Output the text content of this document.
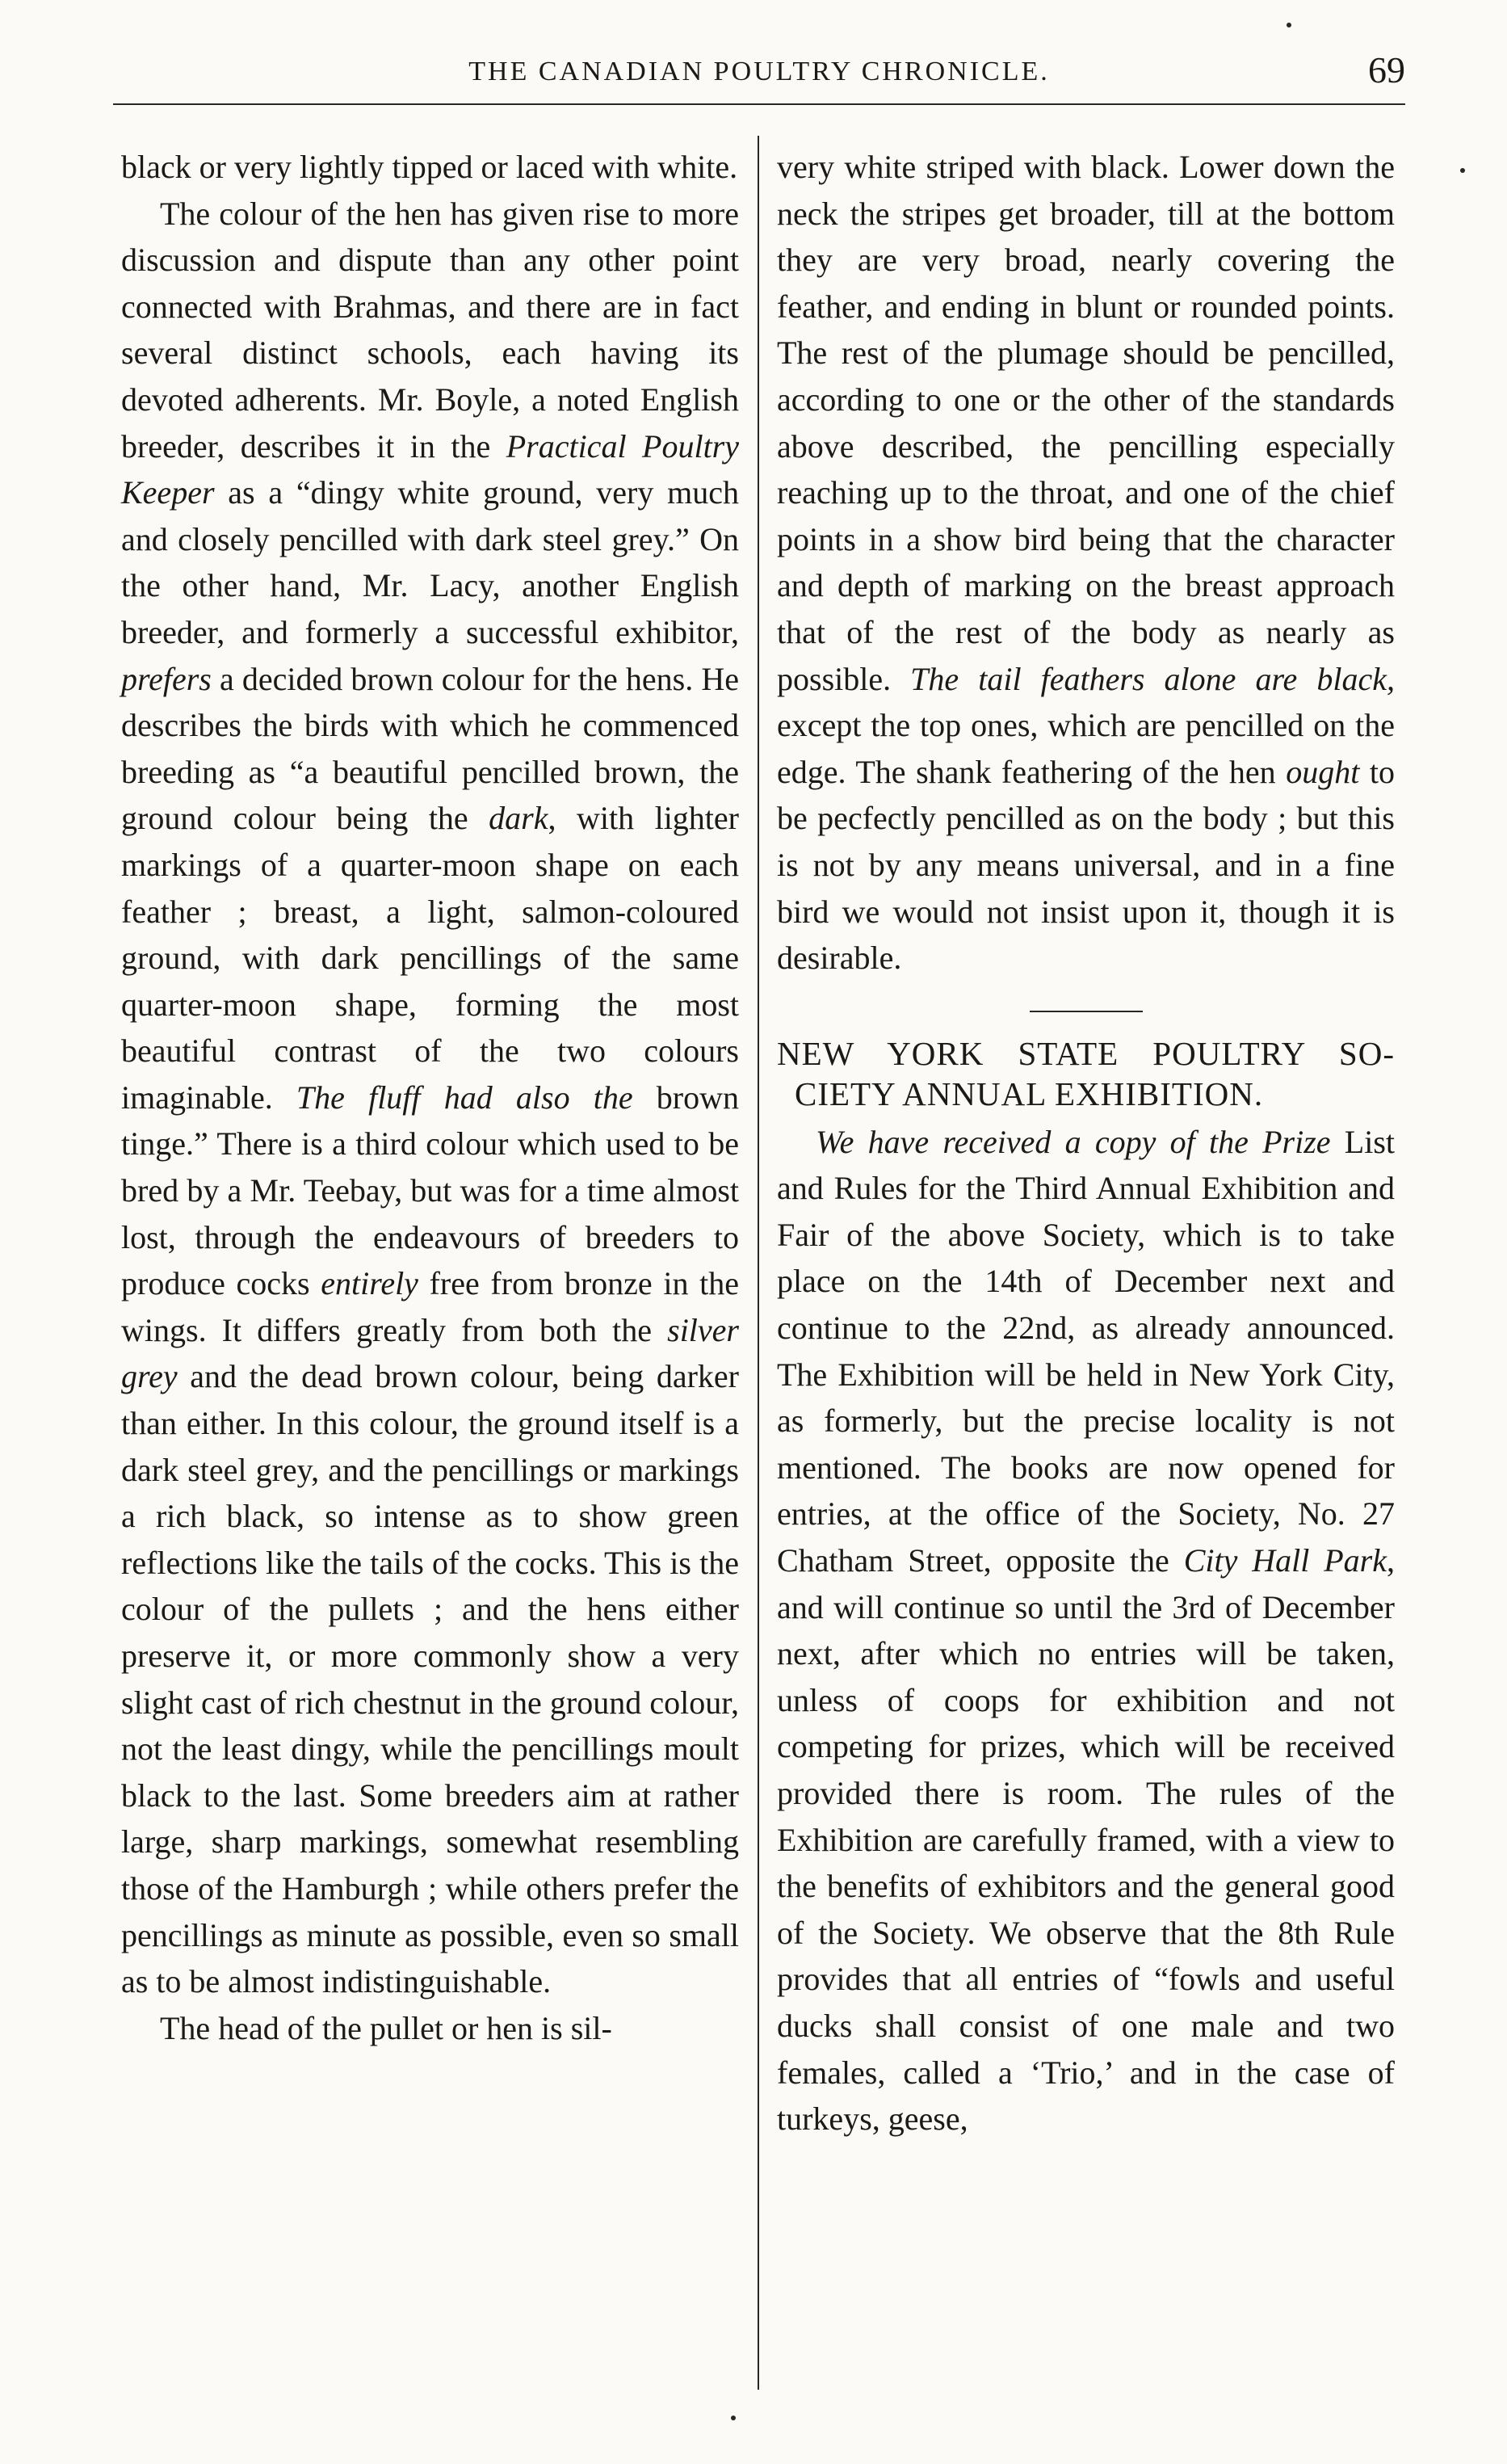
THE CANADIAN POULTRY CHRONICLE.	69

black or very lightly tipped or laced with white.

The colour of the hen has given rise to more discussion and dispute than any other point connected with Brahmas, and there are in fact several distinct schools, each having its devoted adherents. Mr. Boyle, a noted English breeder, describes it in the Practical Poultry Keeper as a “dingy white ground, very much and closely pencilled with dark steel grey.” On the other hand, Mr. Lacy, another English breeder, and formerly a successful exhibitor, prefers a decided brown colour for the hens. He describes the birds with which he commenced breeding as “a beautiful pencilled brown, the ground colour being the dark, with lighter markings of a quarter-moon shape on each feather ; breast, a light, salmon-coloured ground, with dark pencillings of the same quarter-moon shape, forming the most beautiful contrast of the two colours imaginable. The fluff had also the brown tinge.” There is a third colour which used to be bred by a Mr. Teebay, but was for a time almost lost, through the endeavours of breeders to produce cocks entirely free from bronze in the wings. It differs greatly from both the silver grey and the dead brown colour, being darker than either. In this colour, the ground itself is a dark steel grey, and the pencillings or markings a rich black, so intense as to show green reflections like the tails of the cocks. This is the colour of the pullets ; and the hens either preserve it, or more commonly show a very slight cast of rich chestnut in the ground colour, not the least dingy, while the pencillings moult black to the last. Some breeders aim at rather large, sharp markings, somewhat resembling those of the Hamburgh ; while others prefer the pencillings as minute as possible, even so small as to be almost indistinguishable.

The head of the pullet or hen is sil-

very white striped with black. Lower down the neck the stripes get broader, till at the bottom they are very broad, nearly covering the feather, and ending in blunt or rounded points. The rest of the plumage should be pencilled, according to one or the other of the standards above described, the pencilling especially reaching up to the throat, and one of the chief points in a show bird being that the character and depth of marking on the breast approach that of the rest of the body as nearly as possible. The tail feathers alone are black, except the top ones, which are pencilled on the edge. The shank feathering of the hen ought to be pecfectly pencilled as on the body ; but this is not by any means universal, and in a fine bird we would not insist upon it, though it is desirable.

NEW YORK STATE POULTRY SO-
CIETY ANNUAL EXHIBITION.

We have received a copy of the Prize List and Rules for the Third Annual Exhibition and Fair of the above Society, which is to take place on the 14th of December next and continue to the 22nd, as already announced. The Exhibition will be held in New York City, as formerly, but the precise locality is not mentioned. The books are now opened for entries, at the office of the Society, No. 27 Chatham Street, opposite the City Hall Park, and will continue so until the 3rd of December next, after which no entries will be taken, unless of coops for exhibition and not competing for prizes, which will be received provided there is room. The rules of the Exhibition are carefully framed, with a view to the benefits of exhibitors and the general good of the Society. We observe that the 8th Rule provides that all entries of “fowls and useful ducks shall consist of one male and two females, called a ‘Trio,’ and in the case of turkeys, geese,
